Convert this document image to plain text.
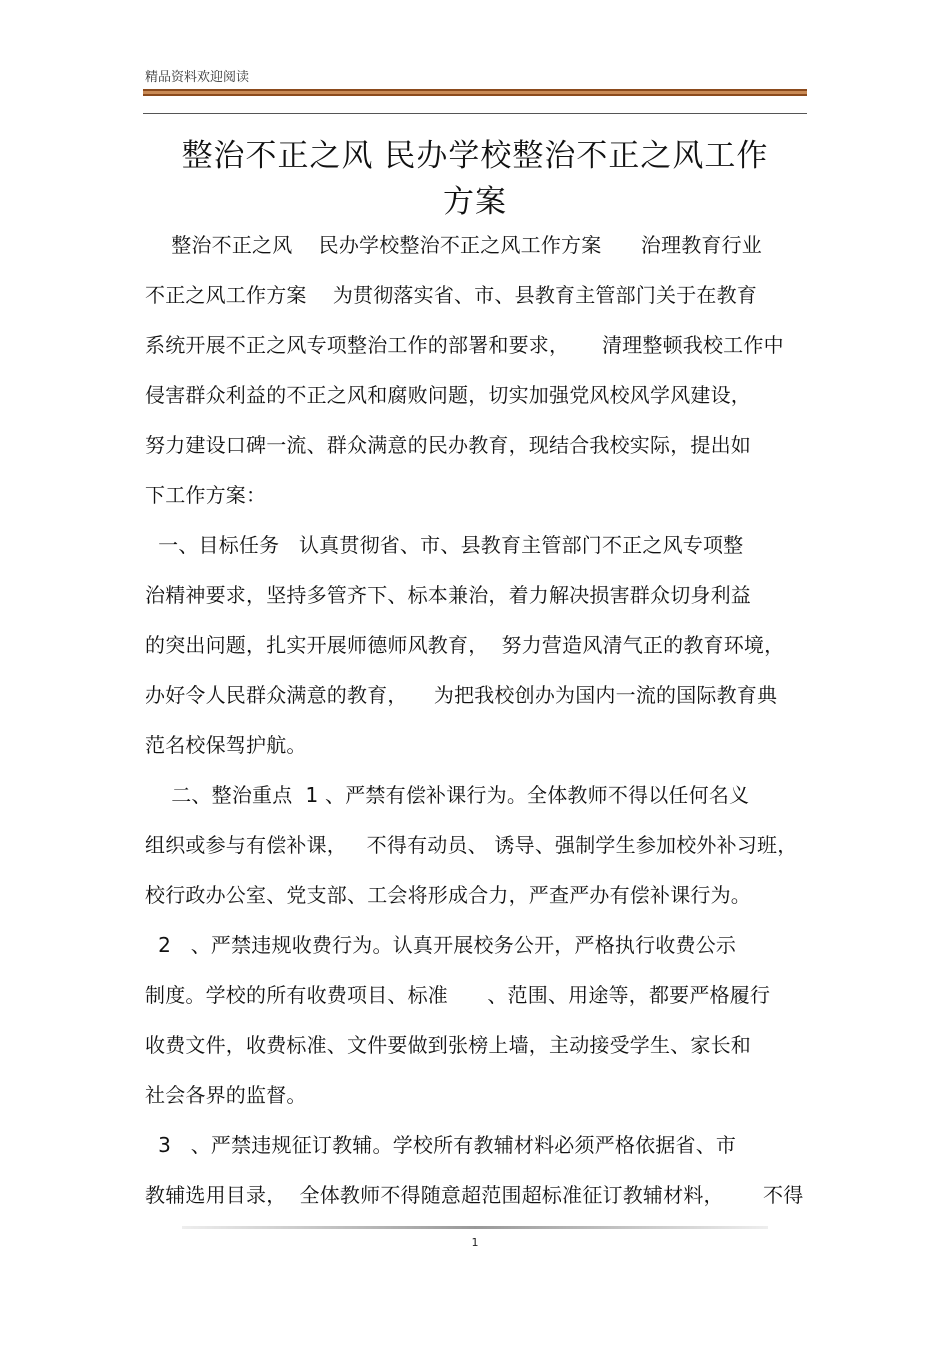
精品资料欢迎阅读
整治不正之风 民办学校整治不正之风工作
方案
整治不正之风    民办学校整治不正之风工作方案      治理教育行业
不正之风工作方案    为贯彻落实省、市、县教育主管部门关于在教育
系统开展不正之风专项整治工作的部署和要求，     清理整顿我校工作中
侵害群众利益的不正之风和腐败问题，切实加强党风校风学风建设，
努力建设口碑一流、群众满意的民办教育，现结合我校实际，提出如
下工作方案：
一、目标任务   认真贯彻省、市、县教育主管部门不正之风专项整
治精神要求，坚持多管齐下、标本兼治，着力解决损害群众切身利益
的突出问题，扎实开展师德师风教育，  努力营造风清气正的教育环境，
办好令人民群众满意的教育，    为把我校创办为国内一流的国际教育典
范名校保驾护航。
二、整治重点  1 、严禁有偿补课行为。全体教师不得以任何名义
组织或参与有偿补课，   不得有动员、 诱导、强制学生参加校外补习班，
校行政办公室、党支部、工会将形成合力，严查严办有偿补课行为。
2   、严禁违规收费行为。认真开展校务公开，严格执行收费公示
制度。学校的所有收费项目、标准      、范围、用途等，都要严格履行
收费文件，收费标准、文件要做到张榜上墙，主动接受学生、家长和
社会各界的监督。
3   、严禁违规征订教辅。学校所有教辅材料必须严格依据省、市
教辅选用目录，  全体教师不得随意超范围超标准征订教辅材料，      不得
1
